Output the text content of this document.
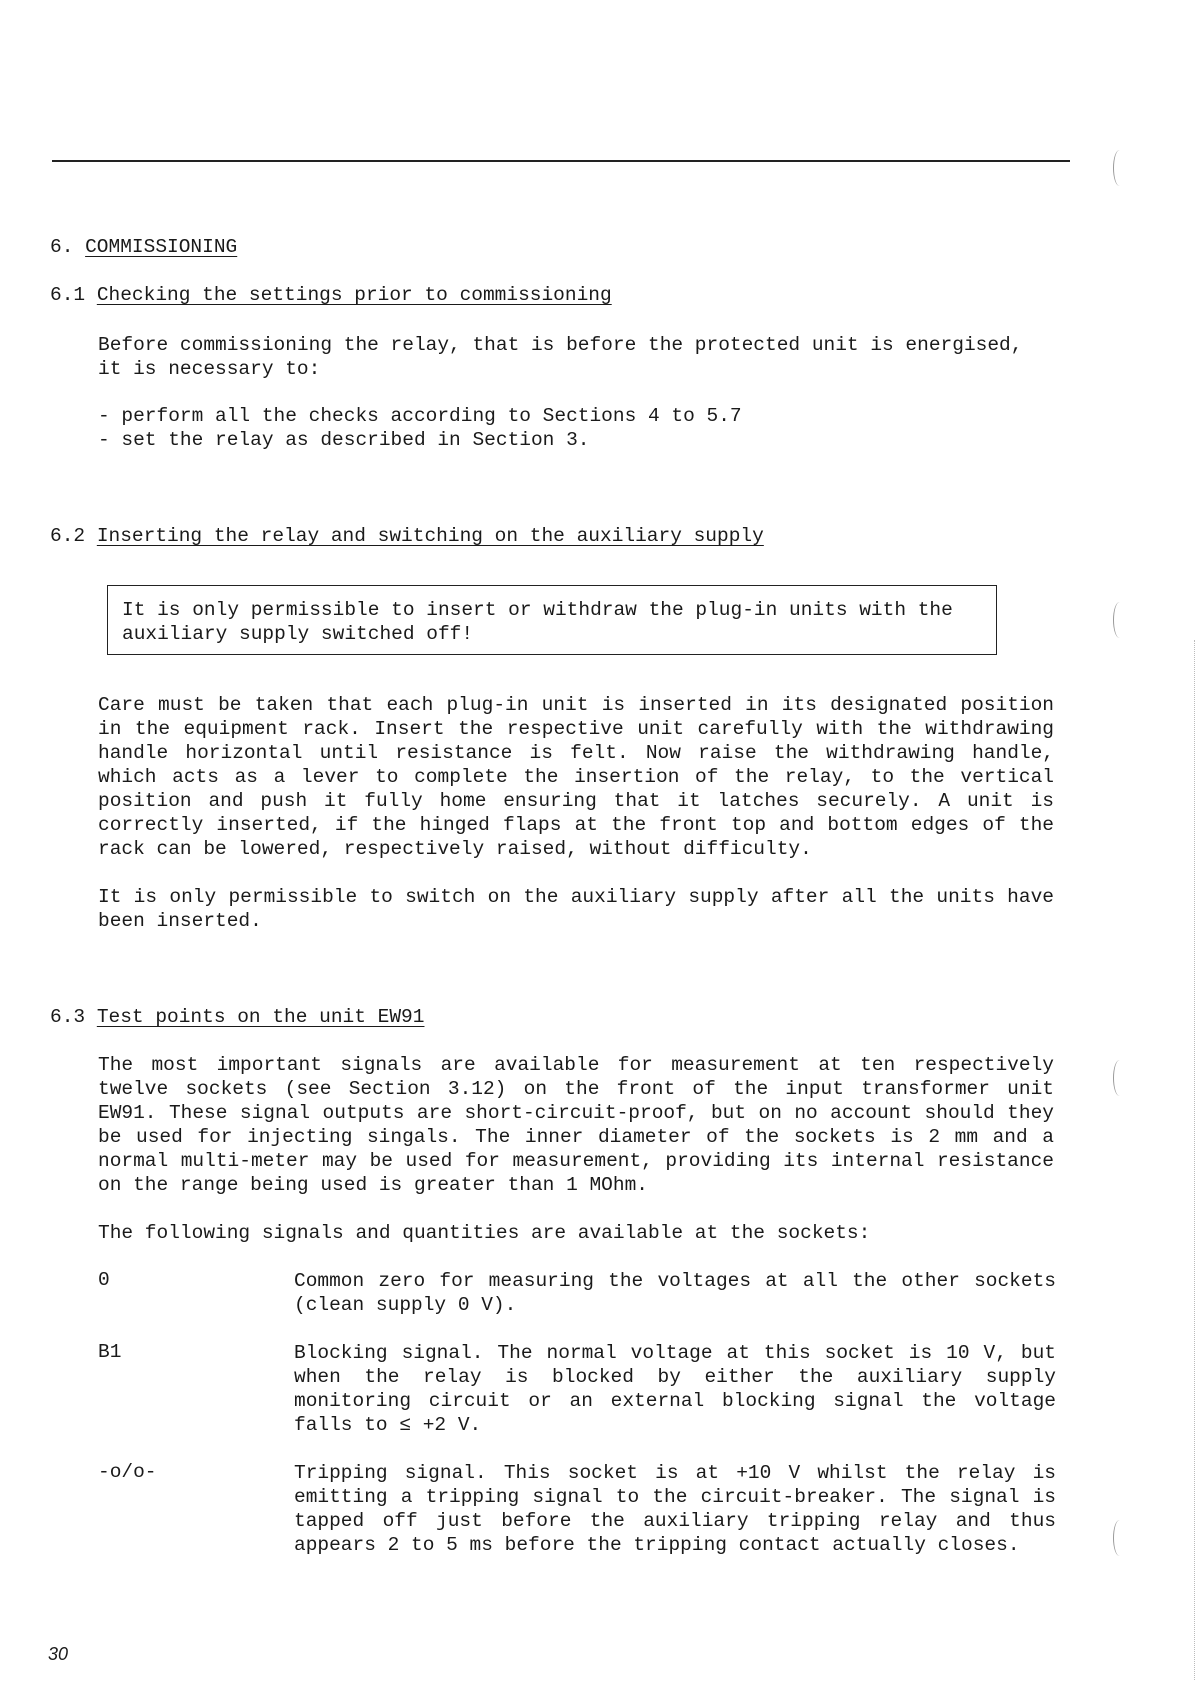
6. COMMISSIONING
6.1 Checking the settings prior to commissioning
Before commissioning the relay, that is before the protected unit is energised, it is necessary to:
- perform all the checks according to Sections 4 to 5.7
- set the relay as described in Section 3.
6.2 Inserting the relay and switching on the auxiliary supply
It is only permissible to insert or withdraw the plug-in units with the auxiliary supply switched off!
Care must be taken that each plug-in unit is inserted in its designated position in the equipment rack. Insert the respective unit carefully with the withdrawing handle horizontal until resistance is felt. Now raise the withdrawing handle, which acts as a lever to complete the insertion of the relay, to the vertical position and push it fully home ensuring that it latches securely. A unit is correctly inserted, if the hinged flaps at the front top and bottom edges of the rack can be lowered, respectively raised, without difficulty.
It is only permissible to switch on the auxiliary supply after all the units have been inserted.
6.3 Test points on the unit EW91
The most important signals are available for measurement at ten respectively twelve sockets (see Section 3.12) on the front of the input transformer unit EW91. These signal outputs are short-circuit-proof, but on no account should they be used for injecting singals. The inner diameter of the sockets is 2 mm and a normal multi-meter may be used for measurement, providing its internal resistance on the range being used is greater than 1 MOhm.
The following signals and quantities are available at the sockets:
0	Common zero for measuring the voltages at all the other sockets (clean supply 0 V).
B1	Blocking signal. The normal voltage at this socket is 10 V, but when the relay is blocked by either the auxiliary supply monitoring circuit or an external blocking signal the voltage falls to ≤ +2 V.
-o/o-	Tripping signal. This socket is at +10 V whilst the relay is emitting a tripping signal to the circuit-breaker. The signal is tapped off just before the auxiliary tripping relay and thus appears 2 to 5 ms before the tripping contact actually closes.
30
